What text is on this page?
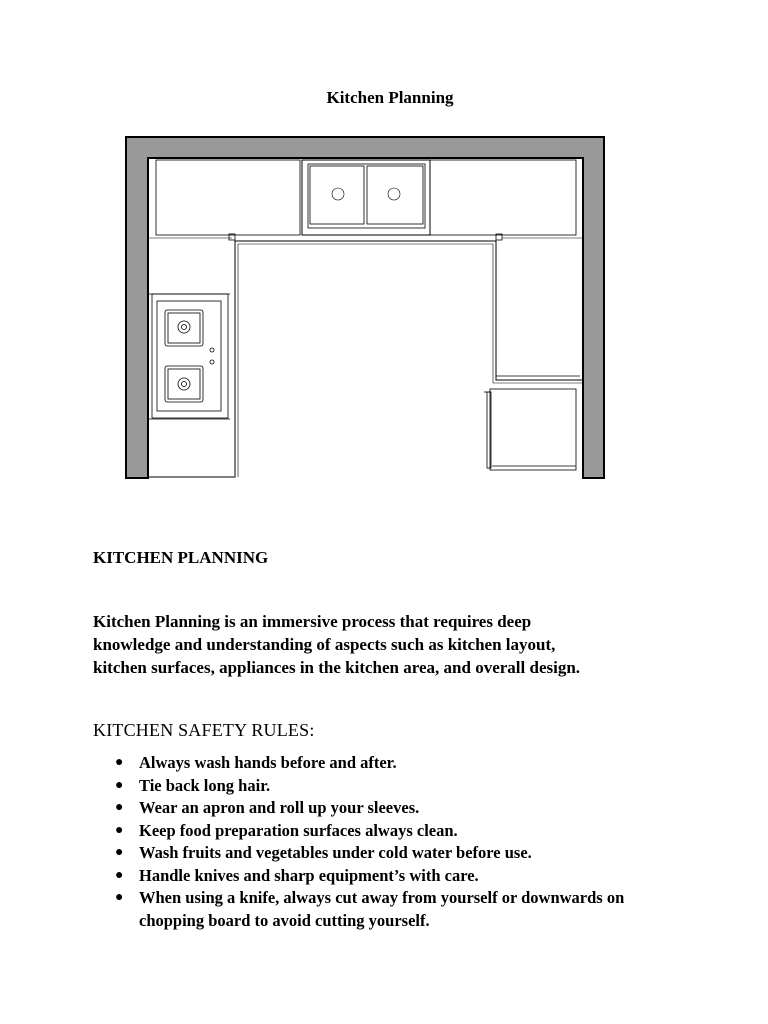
Kitchen Planning
KITCHEN PLANNING
Kitchen Planning is an immersive process that requires deep
knowledge and understanding of aspects such as kitchen layout,
kitchen surfaces, appliances in the kitchen area, and overall design.
KITCHEN SAFETY RULES:
● Always wash hands before and after.
● Tie back long hair.
● Wear an apron and roll up your sleeves.
● Keep food preparation surfaces always clean.
● Wash fruits and vegetables under cold water before use.
● Handle knives and sharp equipment’s with care.
● When using a knife, always cut away from yourself or downwards on chopping board to avoid cutting yourself.
